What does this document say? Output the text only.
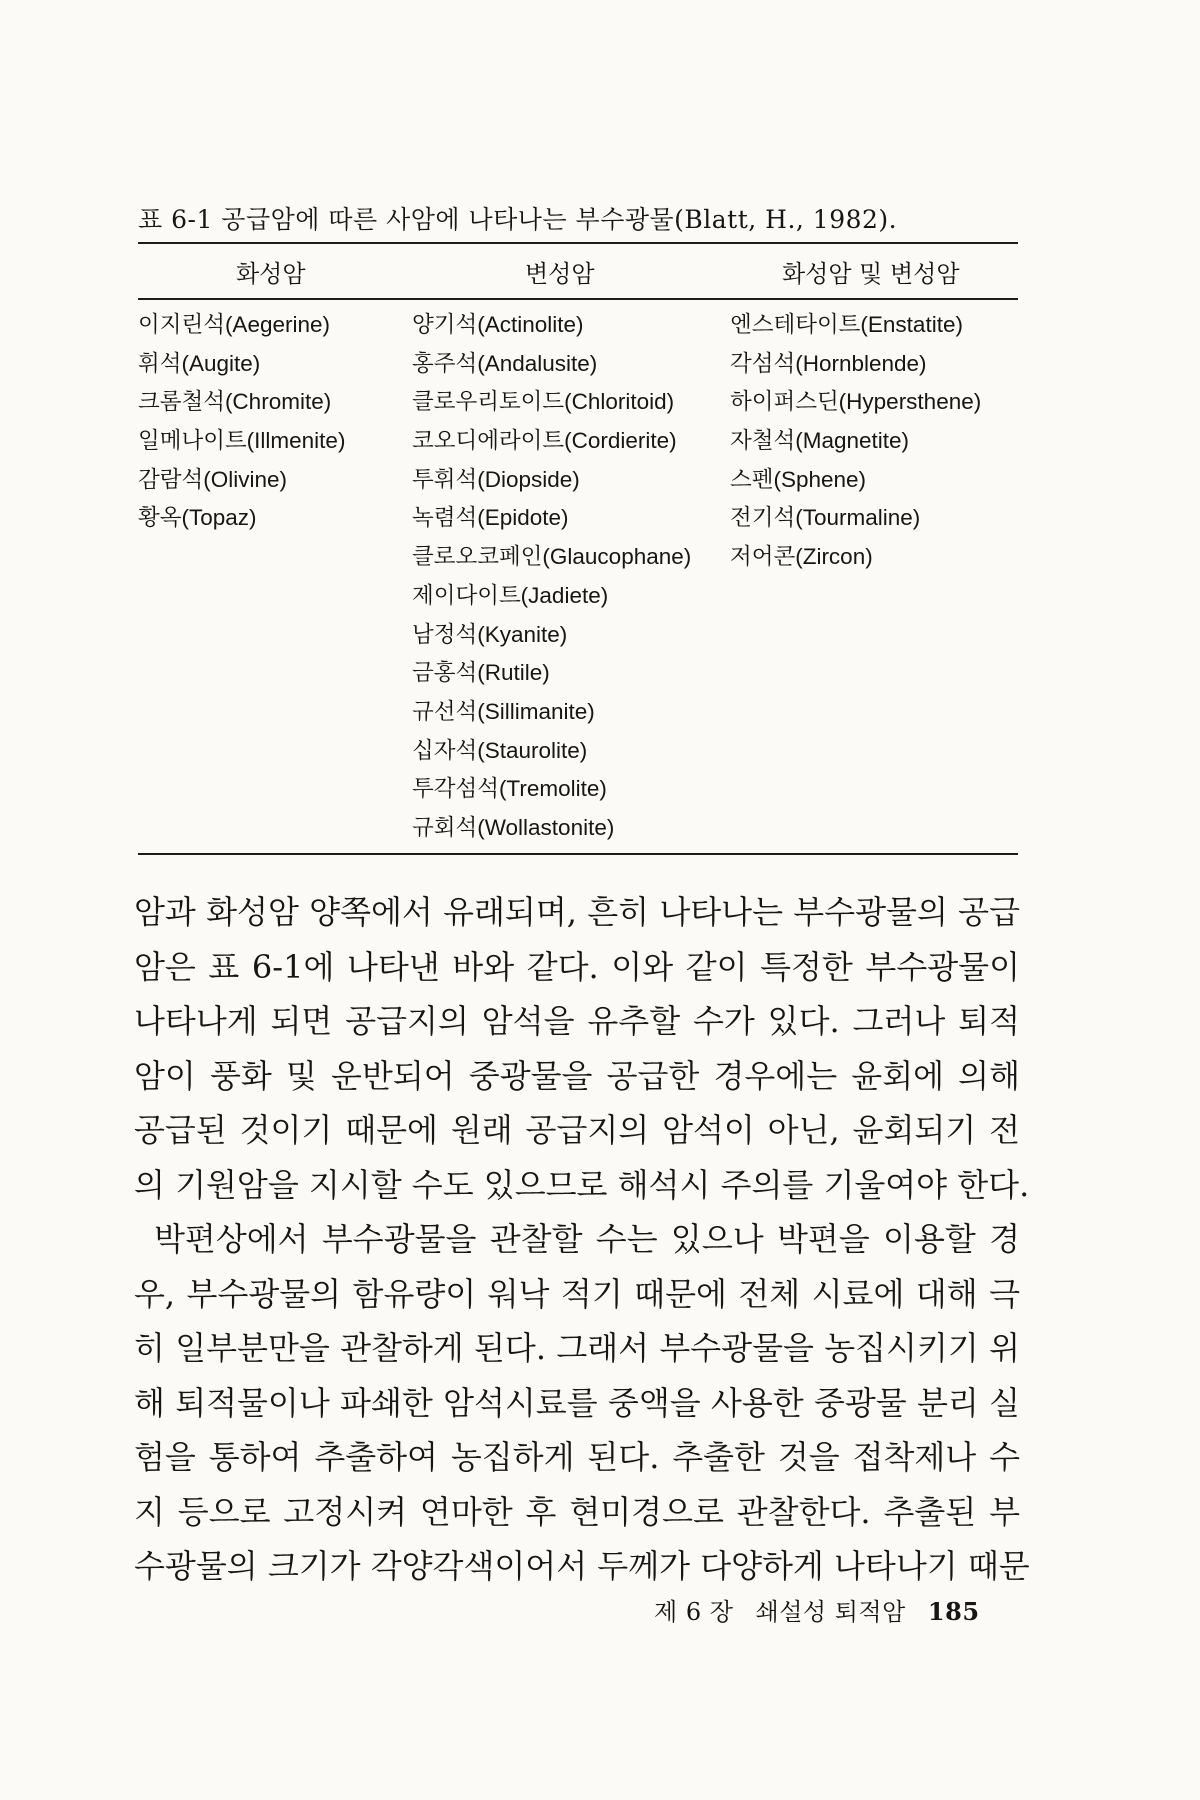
표 6-1 공급암에 따른 사암에 나타나는 부수광물(Blatt, H., 1982).
화성암	변성암	화성암 및 변성암
이지린석(Aegerine)
휘석(Augite)
크롬철석(Chromite)
일메나이트(Illmenite)
감람석(Olivine)
황옥(Topaz)
양기석(Actinolite)
홍주석(Andalusite)
클로우리토이드(Chloritoid)
코오디에라이트(Cordierite)
투휘석(Diopside)
녹렴석(Epidote)
클로오코페인(Glaucophane)
제이다이트(Jadiete)
남정석(Kyanite)
금홍석(Rutile)
규선석(Sillimanite)
십자석(Staurolite)
투각섬석(Tremolite)
규회석(Wollastonite)
엔스테타이트(Enstatite)
각섬석(Hornblende)
하이퍼스딘(Hypersthene)
자철석(Magnetite)
스펜(Sphene)
전기석(Tourmaline)
저어콘(Zircon)
암과 화성암 양쪽에서 유래되며, 흔히 나타나는 부수광물의 공급
암은 표 6-1에 나타낸 바와 같다. 이와 같이 특정한 부수광물이
나타나게 되면 공급지의 암석을 유추할 수가 있다. 그러나 퇴적
암이 풍화 및 운반되어 중광물을 공급한 경우에는 윤회에 의해
공급된 것이기 때문에 원래 공급지의 암석이 아닌, 윤회되기 전
의 기원암을 지시할 수도 있으므로 해석시 주의를 기울여야 한다.
박편상에서 부수광물을 관찰할 수는 있으나 박편을 이용할 경
우, 부수광물의 함유량이 워낙 적기 때문에 전체 시료에 대해 극
히 일부분만을 관찰하게 된다. 그래서 부수광물을 농집시키기 위
해 퇴적물이나 파쇄한 암석시료를 중액을 사용한 중광물 분리 실
험을 통하여 추출하여 농집하게 된다. 추출한 것을 접착제나 수
지 등으로 고정시켜 연마한 후 현미경으로 관찰한다. 추출된 부
수광물의 크기가 각양각색이어서 두께가 다양하게 나타나기 때문
제 6 장 쇄설성 퇴적암 185
